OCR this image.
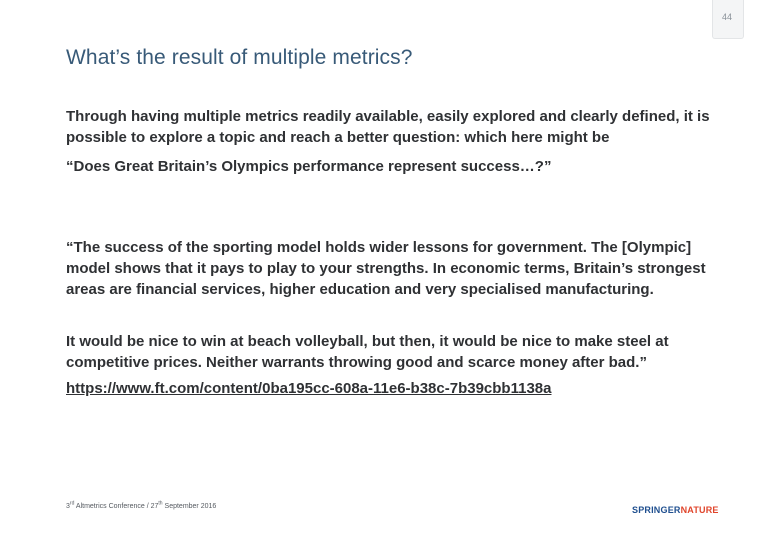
44
What’s the result of multiple metrics?
Through having multiple metrics readily available, easily explored and clearly defined, it is possible to explore a topic and reach a better question: which here might be
“Does Great Britain’s Olympics performance represent success…?”
“The success of the sporting model holds wider lessons for government. The [Olympic] model shows that it pays to play to your strengths. In economic terms, Britain’s strongest areas are financial services, higher education and very specialised manufacturing.
It would be nice to win at beach volleyball, but then, it would be nice to make steel at competitive prices. Neither warrants throwing good and scarce money after bad.”
https://www.ft.com/content/0ba195cc-608a-11e6-b38c-7b39cbb1138a
3rd Altmetrics Conference / 27th September 2016	SPRINGERNATURE
